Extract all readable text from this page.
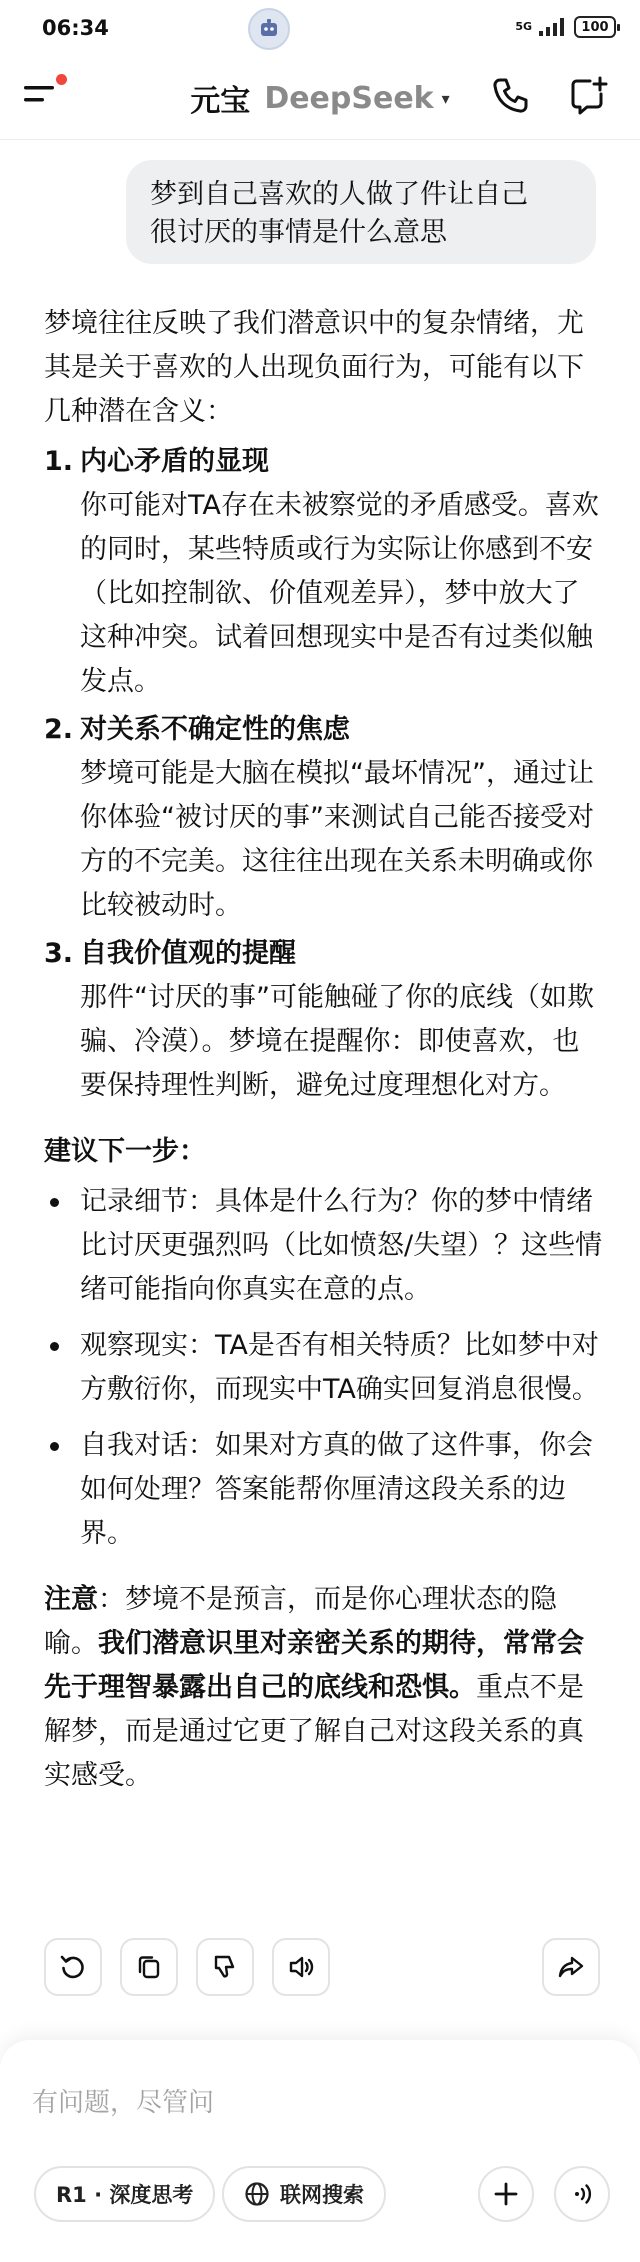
06:34	5G	100
元宝 DeepSeek ▾
梦到自己喜欢的人做了件让自己
很讨厌的事情是什么意思
梦境往往反映了我们潜意识中的复杂情绪，尤其是关于喜欢的人出现负面行为，可能有以下几种潜在含义：
1. 内心矛盾的显现
你可能对TA存在未被察觉的矛盾感受。喜欢的同时，某些特质或行为实际让你感到不安（比如控制欲、价值观差异），梦中放大了这种冲突。试着回想现实中是否有过类似触发点。
2. 对关系不确定性的焦虑
梦境可能是大脑在模拟“最坏情况”，通过让你体验“被讨厌的事”来测试自己能否接受对方的不完美。这往往出现在关系未明确或你比较被动时。
3. 自我价值观的提醒
那件“讨厌的事”可能触碰了你的底线（如欺骗、冷漠）。梦境在提醒你：即使喜欢，也要保持理性判断，避免过度理想化对方。
建议下一步：
记录细节：具体是什么行为？你的梦中情绪比讨厌更强烈吗（比如愤怒/失望）？这些情绪可能指向你真实在意的点。
观察现实：TA是否有相关特质？比如梦中对方敷衍你，而现实中TA确实回复消息很慢。
自我对话：如果对方真的做了这件事，你会如何处理？答案能帮你厘清这段关系的边界。
注意：梦境不是预言，而是你心理状态的隐喻。我们潜意识里对亲密关系的期待，常常会先于理智暴露出自己的底线和恐惧。重点不是解梦，而是通过它更了解自己对这段关系的真实感受。
有问题，尽管问
R1 · 深度思考	联网搜索
